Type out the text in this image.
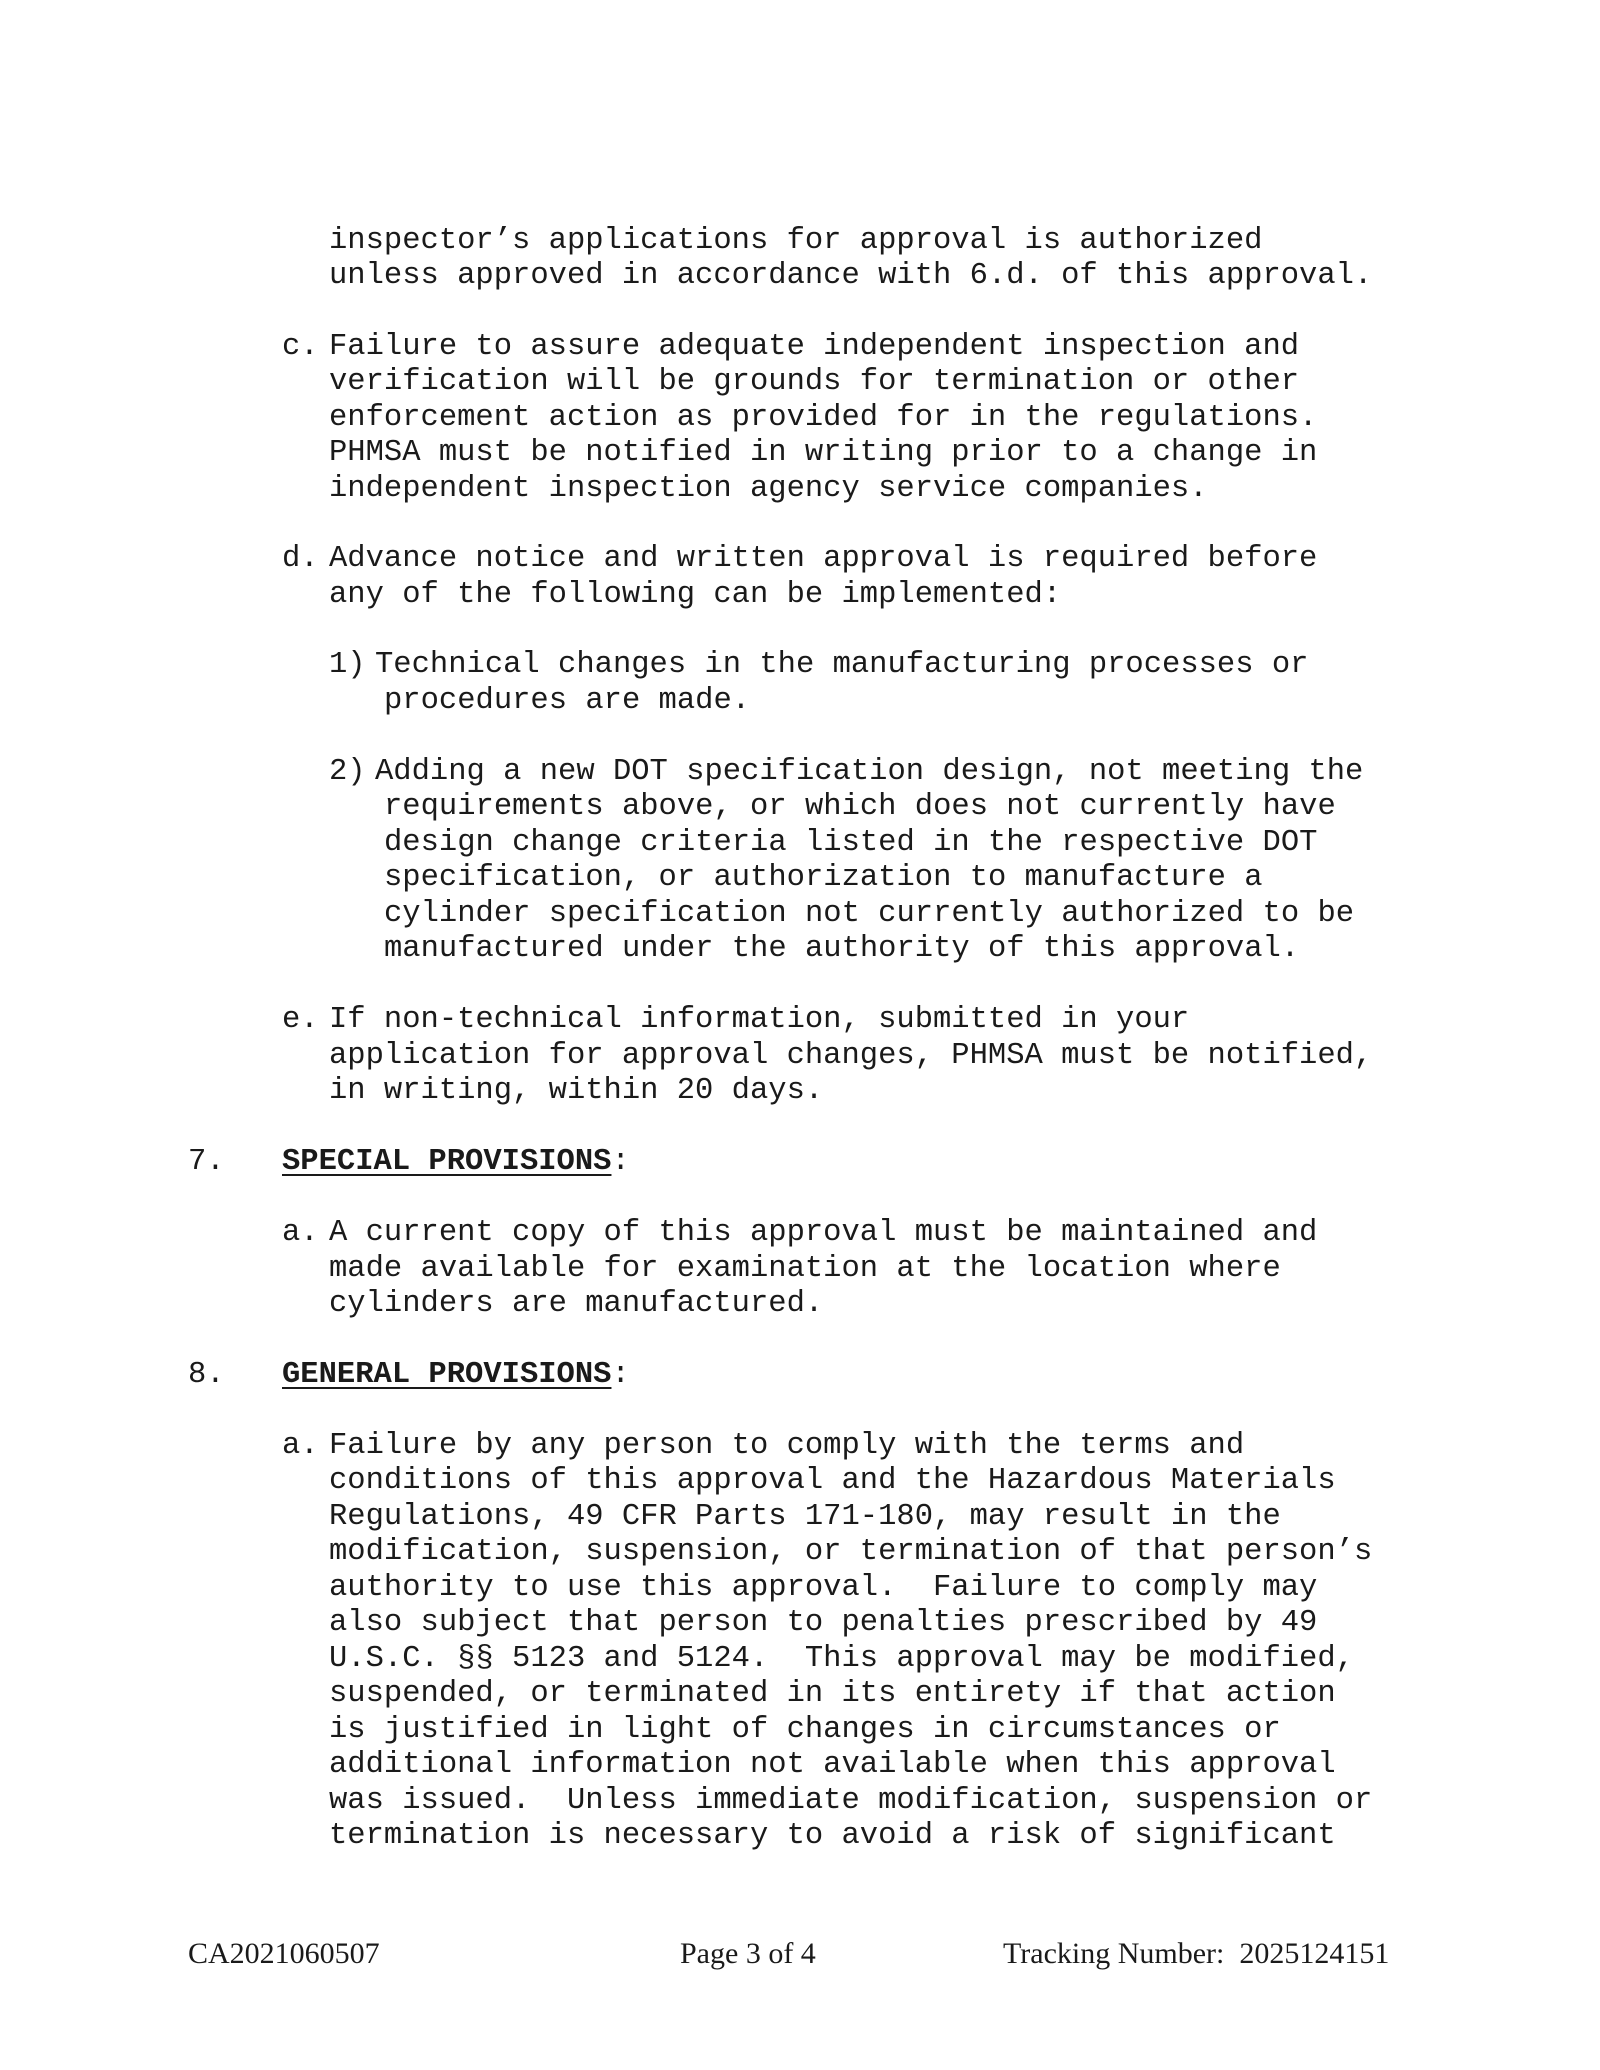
inspector’s applications for approval is authorized
unless approved in accordance with 6.d. of this approval.
c. Failure to assure adequate independent inspection and
verification will be grounds for termination or other
enforcement action as provided for in the regulations.
PHMSA must be notified in writing prior to a change in
independent inspection agency service companies.
d. Advance notice and written approval is required before
any of the following can be implemented:
1) Technical changes in the manufacturing processes or
procedures are made.
2) Adding a new DOT specification design, not meeting the
requirements above, or which does not currently have
design change criteria listed in the respective DOT
specification, or authorization to manufacture a
cylinder specification not currently authorized to be
manufactured under the authority of this approval.
e. If non-technical information, submitted in your
application for approval changes, PHMSA must be notified,
in writing, within 20 days.
7. SPECIAL PROVISIONS:
a. A current copy of this approval must be maintained and
made available for examination at the location where
cylinders are manufactured.
8. GENERAL PROVISIONS:
a. Failure by any person to comply with the terms and
conditions of this approval and the Hazardous Materials
Regulations, 49 CFR Parts 171-180, may result in the
modification, suspension, or termination of that person’s
authority to use this approval.  Failure to comply may
also subject that person to penalties prescribed by 49
U.S.C. §§ 5123 and 5124.  This approval may be modified,
suspended, or terminated in its entirety if that action
is justified in light of changes in circumstances or
additional information not available when this approval
was issued.  Unless immediate modification, suspension or
termination is necessary to avoid a risk of significant
CA2021060507	Page 3 of 4	Tracking Number:  2025124151
